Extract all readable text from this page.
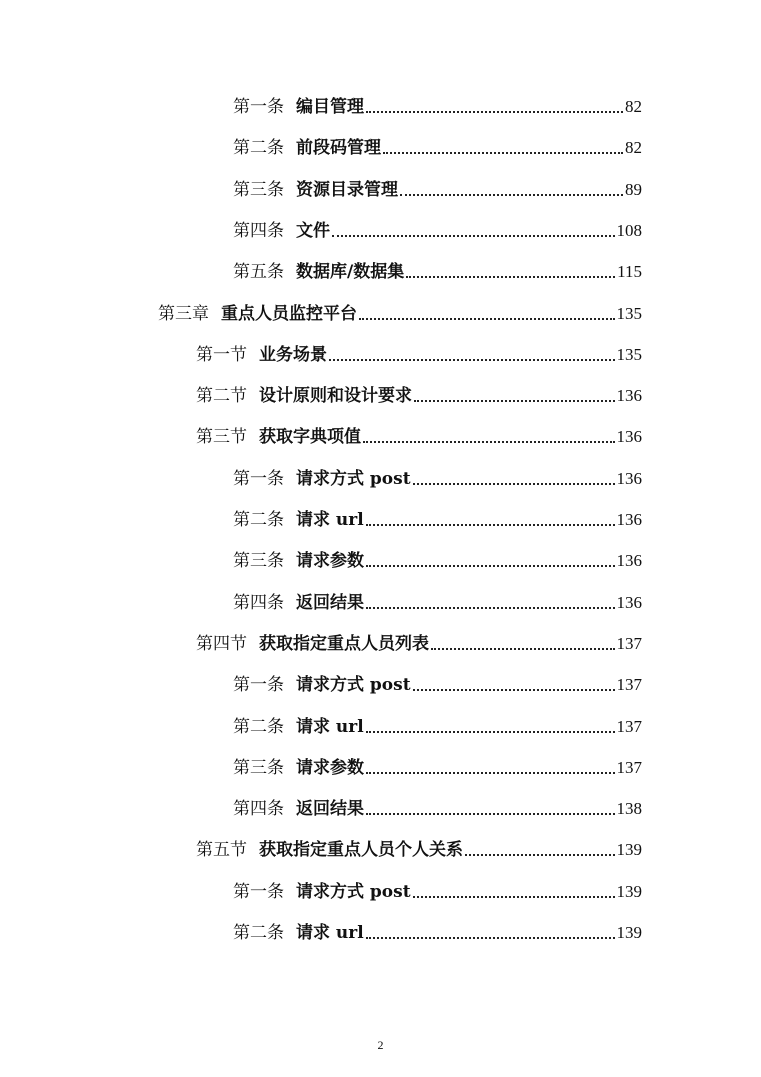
第一条 编目管理	82
第二条 前段码管理	82
第三条 资源目录管理	89
第四条 文件	108
第五条 数据库/数据集	115
第三章 重点人员监控平台	135
第一节 业务场景	135
第二节 设计原则和设计要求	136
第三节 获取字典项值	136
第一条 请求方式 post	136
第二条 请求 url	136
第三条 请求参数	136
第四条 返回结果	136
第四节 获取指定重点人员列表	137
第一条 请求方式 post	137
第二条 请求 url	137
第三条 请求参数	137
第四条 返回结果	138
第五节 获取指定重点人员个人关系	139
第一条 请求方式 post	139
第二条 请求 url	139
2
